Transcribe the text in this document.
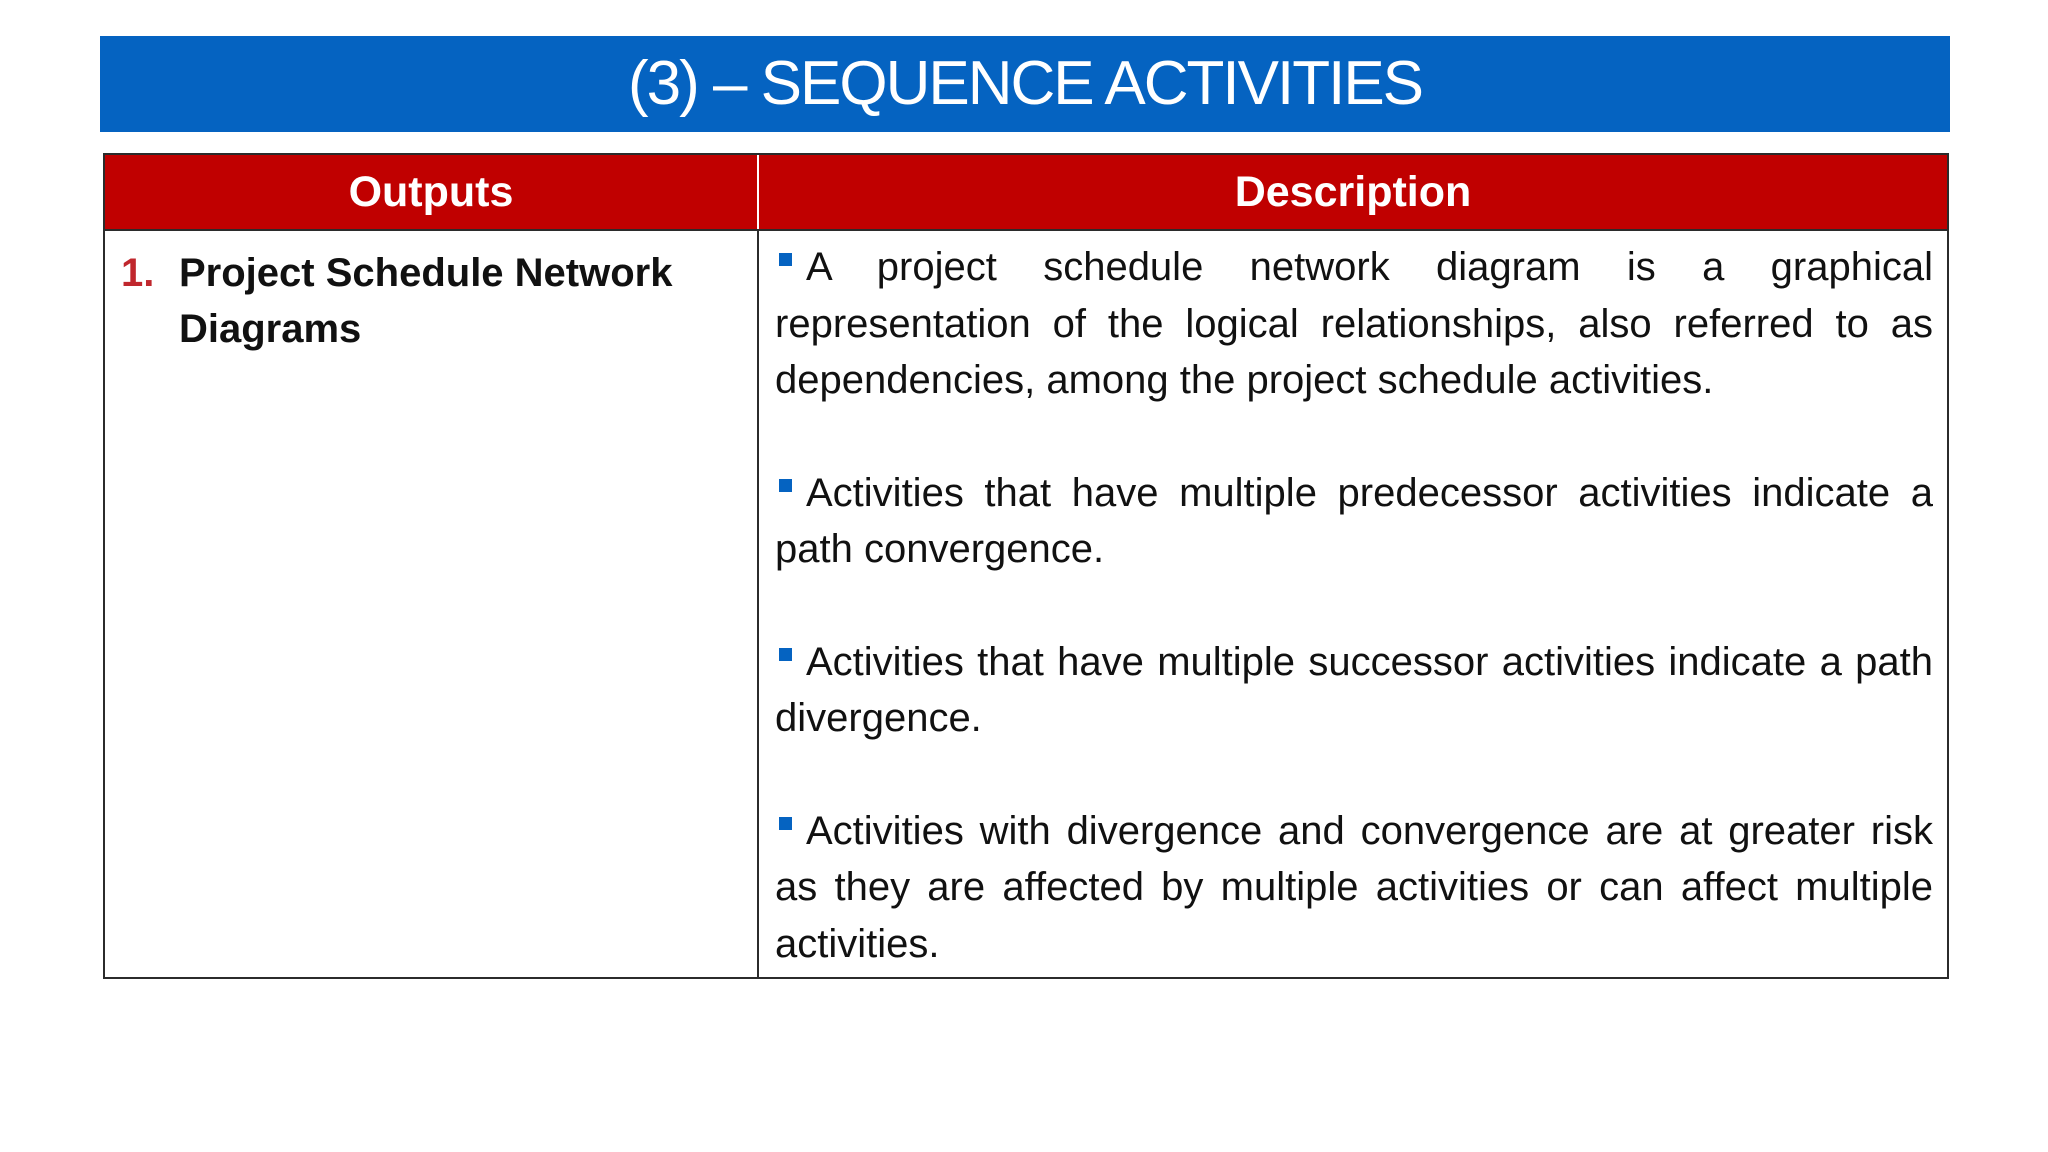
(3) – SEQUENCE ACTIVITIES
Outputs	Description
1. Project Schedule Network Diagrams

A project schedule network diagram is a graphical representation of the logical relationships, also referred to as dependencies, among the project schedule activities.

Activities that have multiple predecessor activities indicate a path convergence.

Activities that have multiple successor activities indicate a path divergence.

Activities with divergence and convergence are at greater risk as they are affected by multiple activities or can affect multiple activities.
